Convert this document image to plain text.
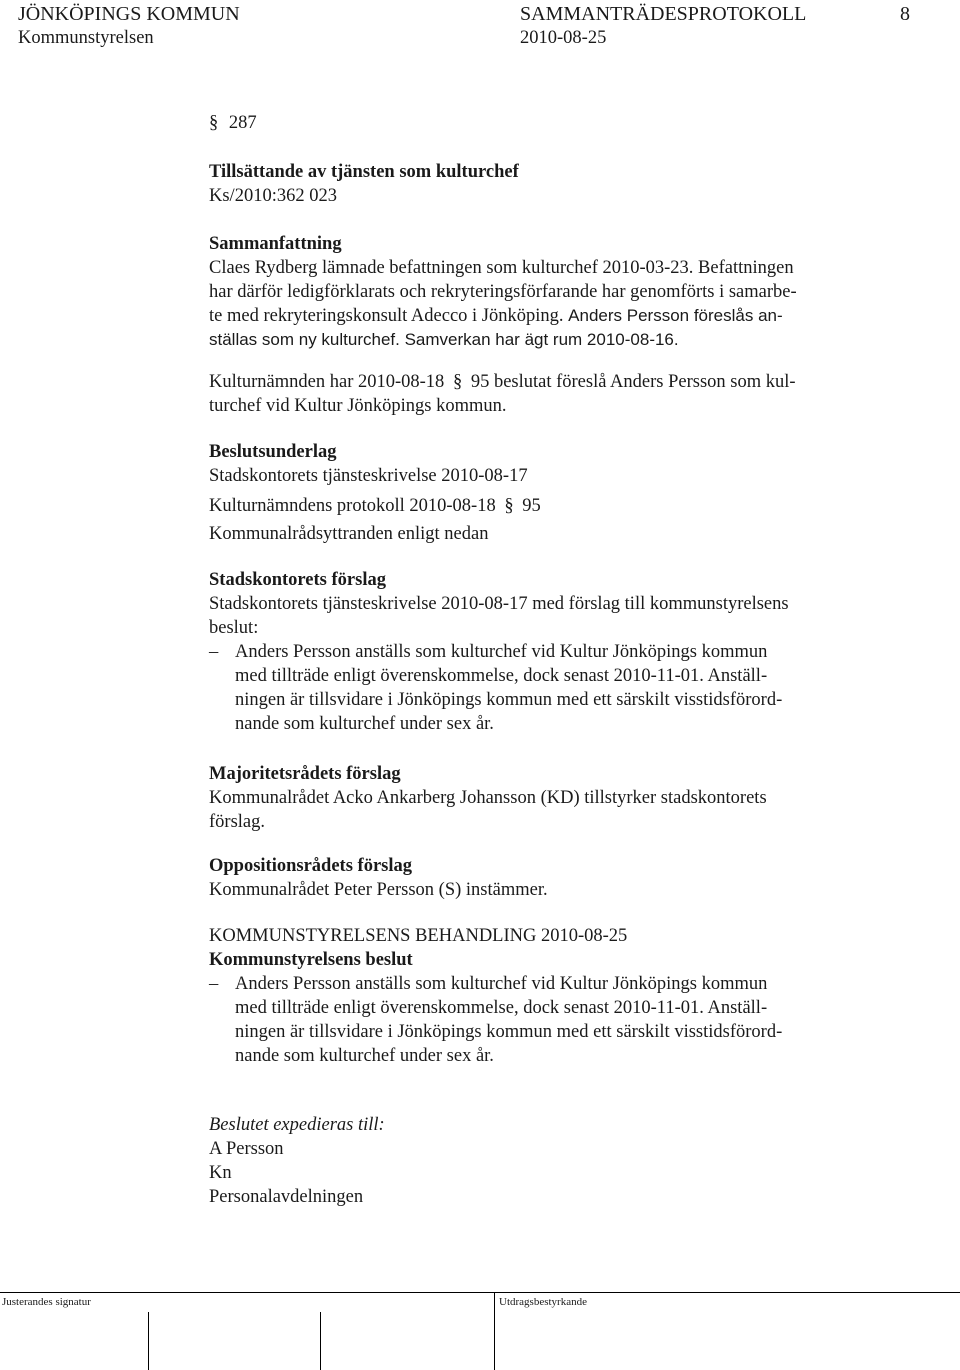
JÖNKÖPINGS KOMMUN	SAMMANTRÄDESPROTOKOLL	8
Kommunstyrelsen	2010-08-25
§ 287
Tillsättande av tjänsten som kulturchef
Ks/2010:362 023
Sammanfattning
Claes Rydberg lämnade befattningen som kulturchef 2010-03-23. Befattningen
har därför ledigförklarats och rekryteringsförfarande har genomförts i samarbe-
te med rekryteringskonsult Adecco i Jönköping. Anders Persson föreslås an-
ställas som ny kulturchef. Samverkan har ägt rum 2010-08-16.
Kulturnämnden har 2010-08-18 § 95 beslutat föreslå Anders Persson som kul-
turchef vid Kultur Jönköpings kommun.
Beslutsunderlag
Stadskontorets tjänsteskrivelse 2010-08-17
Kulturnämndens protokoll 2010-08-18 § 95
Kommunalrådsyttranden enligt nedan
Stadskontorets förslag
Stadskontorets tjänsteskrivelse 2010-08-17 med förslag till kommunstyrelsens
beslut:
– Anders Persson anställs som kulturchef vid Kultur Jönköpings kommun
med tillträde enligt överenskommelse, dock senast 2010-11-01. Anställ-
ningen är tillsvidare i Jönköpings kommun med ett särskilt visstidsförord-
nande som kulturchef under sex år.
Majoritetsrådets förslag
Kommunalrådet Acko Ankarberg Johansson (KD) tillstyrker stadskontorets
förslag.
Oppositionsrådets förslag
Kommunalrådet Peter Persson (S) instämmer.
KOMMUNSTYRELSENS BEHANDLING 2010-08-25
Kommunstyrelsens beslut
– Anders Persson anställs som kulturchef vid Kultur Jönköpings kommun
med tillträde enligt överenskommelse, dock senast 2010-11-01. Anställ-
ningen är tillsvidare i Jönköpings kommun med ett särskilt visstidsförord-
nande som kulturchef under sex år.
Beslutet expedieras till:
A Persson
Kn
Personalavdelningen
Justerandes signatur	Utdragsbestyrkande
